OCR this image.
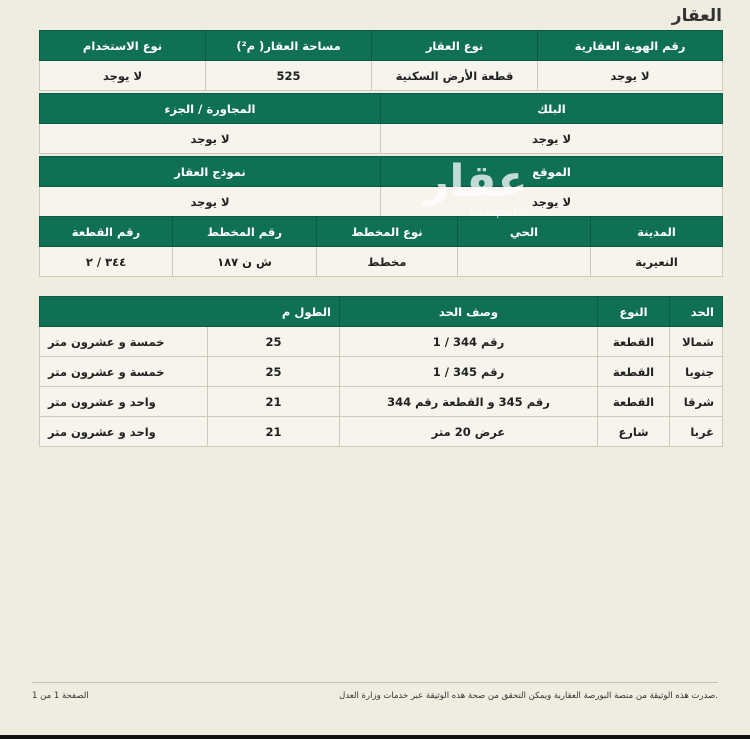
العقار
نوع الاستخدام	مساحة العقار( م²)	نوع العقار	رقم الهوية العقارية
لا يوجد	525	قطعة الأرض السكنية	لا يوجد
المجاورة / الجزء	البلك
لا يوجد	لا يوجد
نموذج العقار	الموقع
لا يوجد	لا يوجد
رقم القطعة	رقم المخطط	نوع المخطط	الحي	المدينة
٣٤٤ / ٢	ش ن ١٨٧	مخطط		النعيرية
الطول م		وصف الحد	النوع	الحد
خمسة و عشرون متر	25	رقم 344 / 1	القطعة	شمالا
خمسة و عشرون متر	25	رقم 345 / 1	القطعة	جنوبا
واحد و عشرون متر	21	رقم 345 و القطعة رقم 344	القطعة	شرقا
واحد و عشرون متر	21	عرض 20 متر	شارع	غربا
عقار
sa.aqar.fm
صدرت هذه الوثيقة من منصة البورصة العقارية ويمكن التحقق من صحة هذه الوثيقة عبر خدمات وزارة العدل.
الصفحة 1 من 1
